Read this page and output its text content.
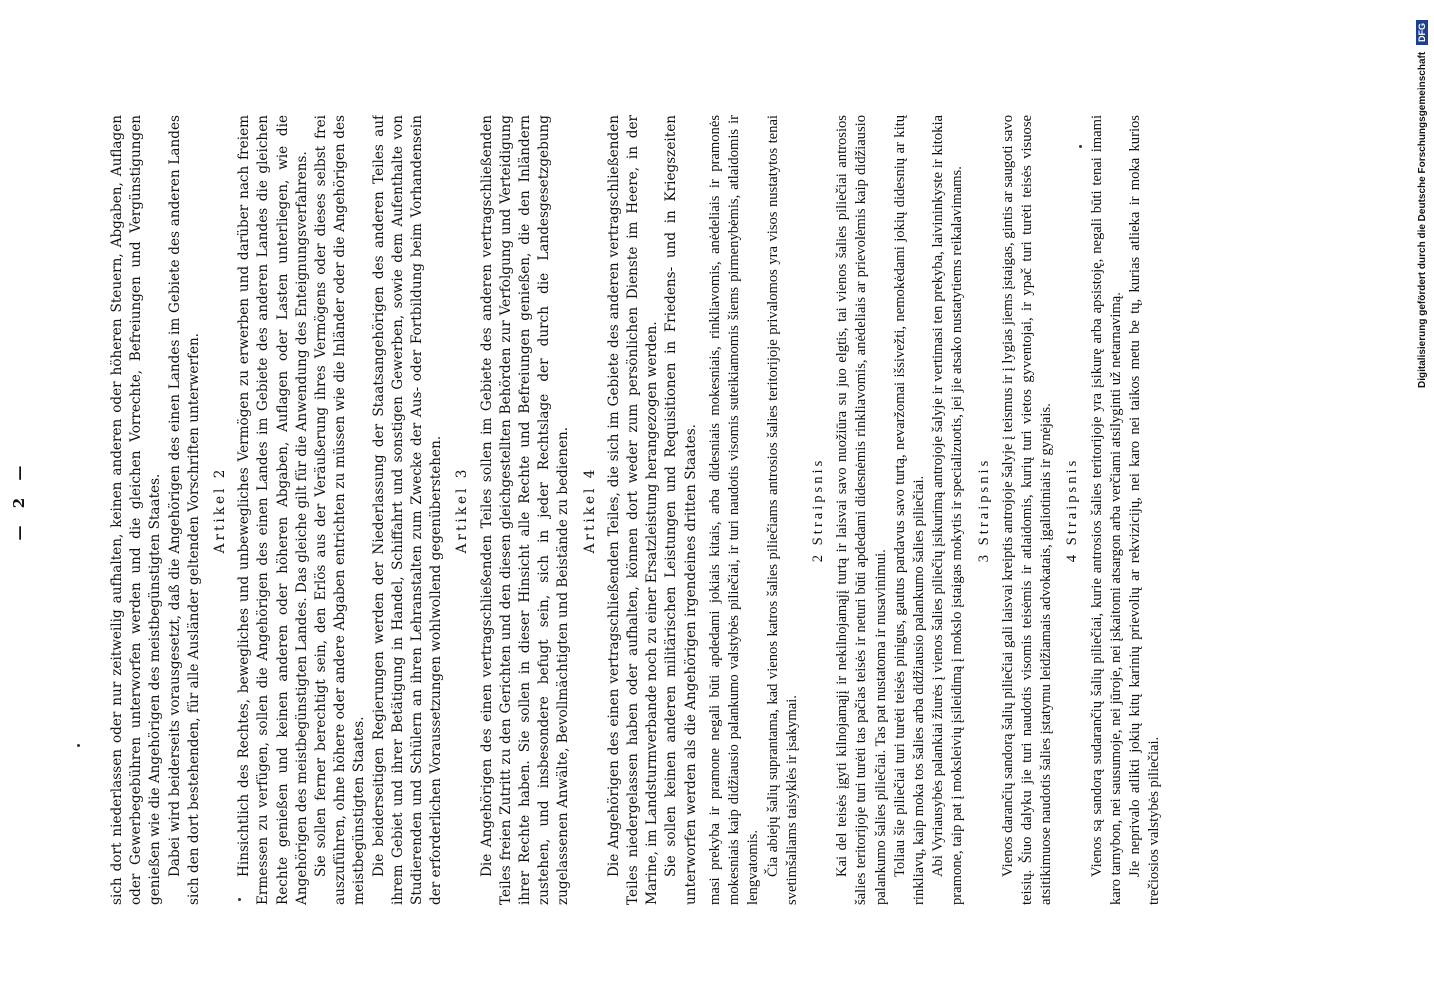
— 2 —	sich dort niederlassen oder nur zeitweilig aufhalten, keinen anderen oder höheren Steuern, Abgaben, Auflagen oder Gewerbegebühren unterworfen werden und die gleichen Vorrechte, Befreiungen und Vergünstigungen genießen wie die Angehörigen des meistbegünstigten Staates. Dabei wird beiderseits vorausgesetzt, daß die Angehörigen des einen Landes im Gebiete des anderen Landes sich den dort bestehenden, für alle Ausländer geltenden Vorschriften unterwerfen. Artikel 2 Hinsichtlich des Rechtes, bewegliches und unbewegliches Vermögen zu erwerben und darüber nach freiem Ermessen zu verfügen, sollen die Angehörigen des einen Landes im Gebiete des anderen Landes die gleichen Rechte genießen und keinen anderen oder höheren Abgaben, Auflagen oder Lasten unterliegen, wie die Angehörigen des meistbegünstigten Landes. Das gleiche gilt für die Anwendung des Enteignungsverfahrens. Sie sollen ferner berechtigt sein, den Erlös aus der Veräußerung ihres Vermögens oder dieses selbst frei auszuführen, ohne höhere oder andere Abgaben entrichten zu müssen wie die Inländer oder die Angehörigen des meistbegünstigten Staates. Die beiderseitigen Regierungen werden der Niederlassung der Staatsangehörigen des anderen Teiles auf ihrem Gebiet und ihrer Betätigung in Handel, Schiffahrt und sonstigen Gewerben, sowie dem Aufenthalte von Studierenden und Schülern an ihren Lehranstalten zum Zwecke der Aus- oder Fortbildung beim Vorhandensein der erforderlichen Voraussetzungen wohlwollend gegenüberstehen. Artikel 3 Die Angehörigen des einen vertragschließenden Teiles sollen im Gebiete des anderen vertragschließenden Teiles freien Zutritt zu den Gerichten und den diesen gleichgestellten Behörden zur Verfolgung und Verteidigung ihrer Rechte haben. Sie sollen in dieser Hinsicht alle Rechte und Befreiungen genießen, die den Inländern zustehen, und insbesondere befugt sein, sich in jeder Rechtslage der durch die Landesgesetzgebung zugelassenen Anwälte, Bevollmächtigten und Beistände zu bedienen. Artikel 4 Die Angehörigen des einen vertragschließenden Teiles, die sich im Gebiete des anderen vertragschließenden Teiles niedergelassen haben oder aufhalten, können dort weder zum persönlichen Dienste im Heere, in der Marine, im Landsturmverbande noch zu einer Ersatzleistung herangezogen werden. Sie sollen keinen anderen militärischen Leistungen und Requisitionen in Friedens- und in Kriegszeiten unterworfen werden als die Angehörigen irgendeines dritten Staates. masi prekyba ir pramone negali būti apdedami jokiais kitais, arba didesniais mokesniais, rinkliavomis, anėdeliais ir pramonės mokesniais kaip didžiausio palankumo valstybės piliečiai, ir turi naudotis visomis suteikiamomis šiems pirmenybėmis, atlaidomis ir lengvatomis. Čia abiejų šalių suprantama, kad vienos katros šalies piliečiams antrosios šalies teritorijoje privalomos yra visos nustatytos tenai svetimšaliams taisyklės ir įsakymai.

2 Straipsnis Kai del teisės įgyti kilnojamąjį ir nekilnojamąjį turtą ir laisvai savo nuožiūra su juo elgtis, tai vienos šalies piliečiai antrosios šalies teritorijoje turi turėti tas pačias teisės ir neturi būti apdedami didesnėmis rinkliavomis, anėdeliais ar prievolėmis kaip didžiausio palankumo šalies piliečiai. Tas pat nustatoma ir nusavinimui. Toliau šie piliečiai turi turėti teisės pinigus, gautus pardavus savo turtą, nevaržomai išsivežti, nemokėdami jokių didesnių ar kitų rinkliavų, kaip moka tos šalies arba didžiausio palankumo šalies piliečiai. Abi Vyriausybės palankiai žiurės į vienos šalies piliečių įsikurimą antrojoje šalyje ir vertimasi ten prekyba, laivininkyste ir kitokia pramone, taip pat į moksleivių įsileidimą į mokslo įstaigas mokytis ir specializuotis, jei jie atsako nustatytiems reikalavimams. 3 Straipsnis Vienos darančių sandorą šalių piliečiai gali laisvai kreiptis antrojoje šalyje į teismus ir į lygias jiems įstaigas, gintis ar saugoti savo teisių. Šiuo dalyku jie turi naudotis visomis teisėmis ir atlaidomis, kurių turi vietos gyventojai, ir ypač turi turėti teisės visuose atsitikimuose naudotis šalies įstatymu leidžiamais advokatais, įgaliotiniais ir gynėjais. 4 Straipsnis Vienos są sandorą sudarančių šalių piliečiai, kurie antrosios šalies teritorijoje yra įsikurę arba apsistoję, negali būti tenai imami karo tarnybon, nei sausumoje, nei jūroje, nei įskaitomi atsargon arba verčiami atsilyginti už netarnavimą. Jie neprivalo atlikti jokių kitų karinių prievolių ar rekvizicijų, nei karo nei taikos metu be tų, kurias atlieka ir moka kurios trečiosios valstybės piliečiai.

Digitalisierung gefördert durch die Deutsche Forschungsgemeinschaft DFG
